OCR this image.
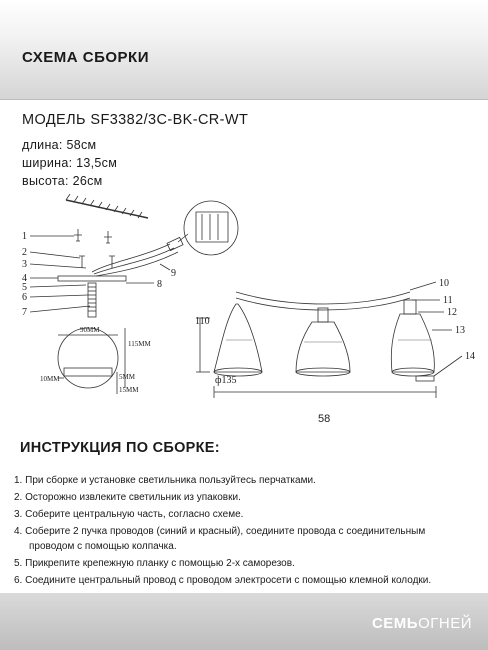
СХЕМА СБОРКИ
МОДЕЛЬ SF3382/3C-BK-CR-WT
длина: 58см
ширина: 13,5см
высота: 26см
1
2
3
4
5
6
7
8
9
10
11
12
13
14
90ММ
115ММ
10ММ	5ММ
15ММ
110
ф135
58
ИНСТРУКЦИЯ ПО СБОРКЕ:
1. При сборке и установке светильника пользуйтесь перчатками.
2. Осторожно извлеките светильник из упаковки.
3. Соберите центральную часть, согласно схеме.
4. Соберите 2 пучка проводов (синий и красный), соедините провода с соединительным
проводом с помощью колпачка.
5. Прикрепите крепежную планку с помощью 2-х саморезов.
6. Соедините центральный провод с проводом электросети с помощью клемной колодки.
СЕМЬОГНЕЙ
